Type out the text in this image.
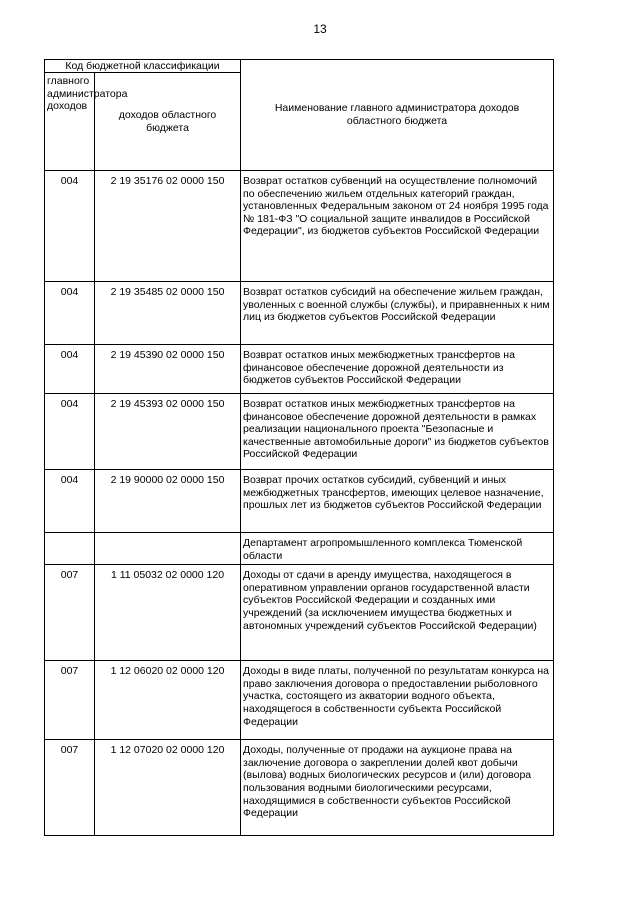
13
Код бюджетной классификации		Наименование главного администратора доходов областного бюджета
главного администратора доходов	доходов областного бюджета	
004	2 19 35176 02 0000 150	Возврат остатков субвенций на осуществление полномочий по обеспечению жильем отдельных категорий граждан, установленных Федеральным законом от 24 ноября 1995 года № 181-ФЗ "О социальной защите инвалидов в Российской Федерации", из бюджетов субъектов Российской Федерации
004	2 19 35485 02 0000 150	Возврат остатков субсидий на обеспечение жильем граждан, уволенных с военной службы (службы), и приравненных к ним лиц из бюджетов субъектов Российской Федерации
004	2 19 45390 02 0000 150	Возврат остатков иных межбюджетных трансфертов на финансовое обеспечение дорожной деятельности из бюджетов субъектов Российской Федерации
004	2 19 45393 02 0000 150	Возврат остатков иных межбюджетных трансфертов на финансовое обеспечение дорожной деятельности в рамках реализации национального проекта "Безопасные и качественные автомобильные дороги" из бюджетов субъектов Российской Федерации
004	2 19 90000 02 0000 150	Возврат прочих остатков субсидий, субвенций и иных межбюджетных трансфертов, имеющих целевое назначение, прошлых лет из бюджетов субъектов Российской Федерации
		Департамент агропромышленного комплекса Тюменской области
007	1 11 05032 02 0000 120	Доходы от сдачи в аренду имущества, находящегося в оперативном управлении органов государственной власти субъектов Российской Федерации и созданных ими учреждений (за исключением имущества бюджетных и автономных учреждений субъектов Российской Федерации)
007	1 12 06020 02 0000 120	Доходы в виде платы, полученной по результатам конкурса на право заключения договора о предоставлении рыболовного участка, состоящего из акватории водного объекта, находящегося в собственности субъекта Российской Федерации
007	1 12 07020 02 0000 120	Доходы, полученные от продажи на аукционе права на заключение договора о закреплении долей квот добычи (вылова) водных биологических ресурсов и (или) договора пользования водными биологическими ресурсами, находящимися в собственности субъектов Российской Федерации
